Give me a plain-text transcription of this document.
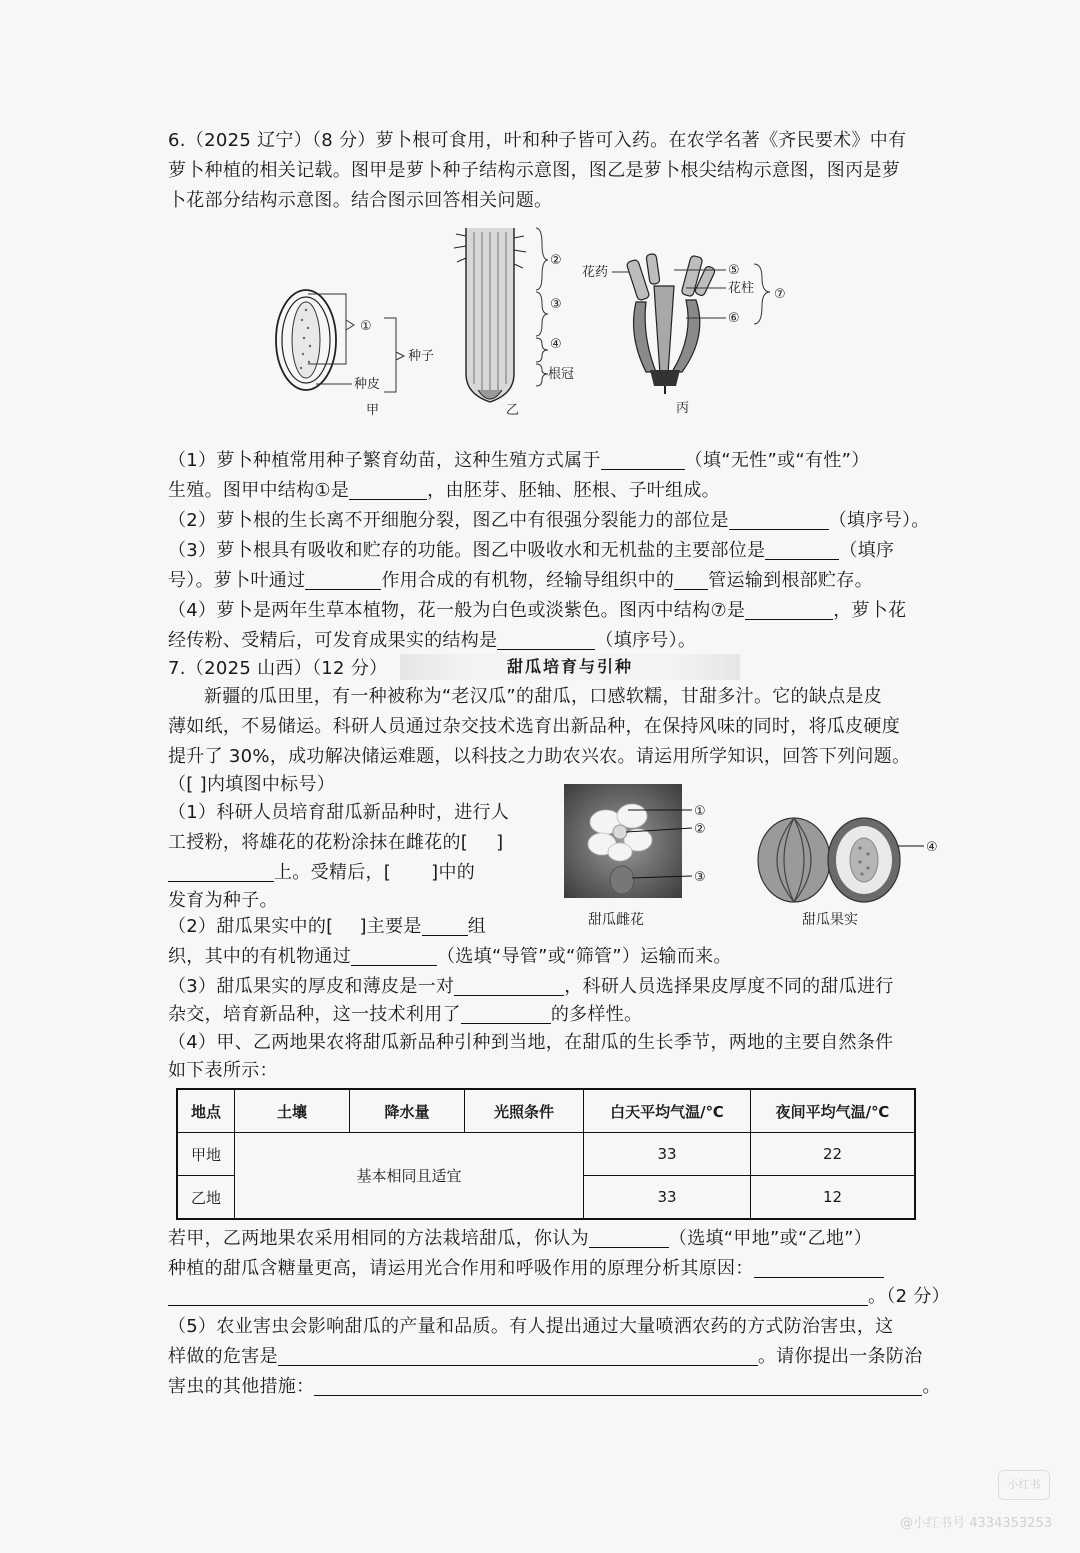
6.（2025 辽宁）（8 分）萝卜根可食用，叶和种子皆可入药。在农学名著《齐民要术》中有
萝卜种植的相关记载。图甲是萝卜种子结构示意图，图乙是萝卜根尖结构示意图，图丙是萝
卜花部分结构示意图。结合图示回答相关问题。
①
种子
种皮
甲
②
③
④
根冠
乙
花药	⑤
花柱
⑥
⑦
丙
（1）萝卜种植常用种子繁育幼苗，这种生殖方式属于	（填“无性”或“有性”）
生殖。图甲中结构①是	，由胚芽、胚轴、胚根、子叶组成。
（2）萝卜根的生长离不开细胞分裂，图乙中有很强分裂能力的部位是	（填序号）。
（3）萝卜根具有吸收和贮存的功能。图乙中吸收水和无机盐的主要部位是	（填序
号）。萝卜叶通过	作用合成的有机物，经输导组织中的 管运输到根部贮存。
（4）萝卜是两年生草本植物，花一般为白色或淡紫色。图丙中结构⑦是	，萝卜花
经传粉、受精后，可发育成果实的结构是	（填序号）。
7.（2025 山西）（12 分）	甜瓜培育与引种
新疆的瓜田里，有一种被称为“老汉瓜”的甜瓜，口感软糯，甘甜多汁。它的缺点是皮
薄如纸，不易储运。科研人员通过杂交技术选育出新品种，在保持风味的同时，将瓜皮硬度
提升了 30%，成功解决储运难题，以科技之力助农兴农。请运用所学知识，回答下列问题。
（[ ]内填图中标号）
（1）科研人员培育甜瓜新品种时，进行人
工授粉，将雄花的花粉涂抹在雌花的[ ]
上。受精后，[ ]中的
发育为种子。
①
②
③
甜瓜雌花
④
甜瓜果实
（2）甜瓜果实中的[ ]主要是	组
织，其中的有机物通过	（选填“导管”或“筛管”）运输而来。
（3）甜瓜果实的厚皮和薄皮是一对	，科研人员选择果皮厚度不同的甜瓜进行
杂交，培育新品种，这一技术利用了	的多样性。
（4）甲、乙两地果农将甜瓜新品种引种到当地，在甜瓜的生长季节，两地的主要自然条件
如下表所示：
地点	土壤	降水量	光照条件	白天平均气温/℃	夜间平均气温/℃
甲地	基本相同且适宜			33	22
乙地				33	12
若甲，乙两地果农采用相同的方法栽培甜瓜，你认为	（选填“甲地”或“乙地”）
种植的甜瓜含糖量更高，请运用光合作用和呼吸作用的原理分析其原因：
。（2 分）
（5）农业害虫会影响甜瓜的产量和品质。有人提出通过大量喷洒农药的方式防治害虫，这
样做的危害是	。请你提出一条防治
害虫的其他措施：	。
小红书
@小红书号 4334353253
